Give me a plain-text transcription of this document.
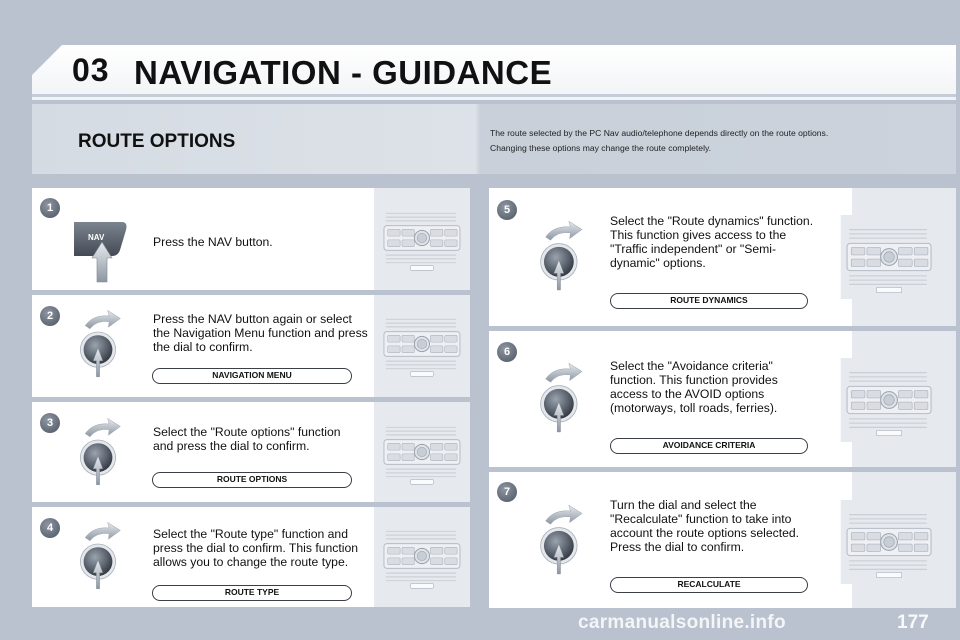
03 NAVIGATION - GUIDANCE
ROUTE OPTIONS	The route selected by the PC Nav audio/telephone depends directly on the route options.

Changing these options may change the route completely.

1
NAV	Press the NAV button.
2	Press the NAV button again or select the Navigation Menu function and press the dial to confirm.
NAVIGATION MENU
3
Select the "Route options" function and press the dial to confirm.
ROUTE OPTIONS
4	Select the "Route type" function and press the dial to confirm. This function allows you to change the route type.
ROUTE TYPE
5
Select the "Route dynamics" function. This function gives access to the "Traffic independent" or "Semi-dynamic" options.
ROUTE DYNAMICS
6
Select the "Avoidance criteria" function. This function provides access to the AVOID options (motorways, toll roads, ferries).
AVOIDANCE CRITERIA
7
Turn the dial and select the "Recalculate" function to take into account the route options selected. Press the dial to confirm.
RECALCULATE
carmanualsonline.info	177
